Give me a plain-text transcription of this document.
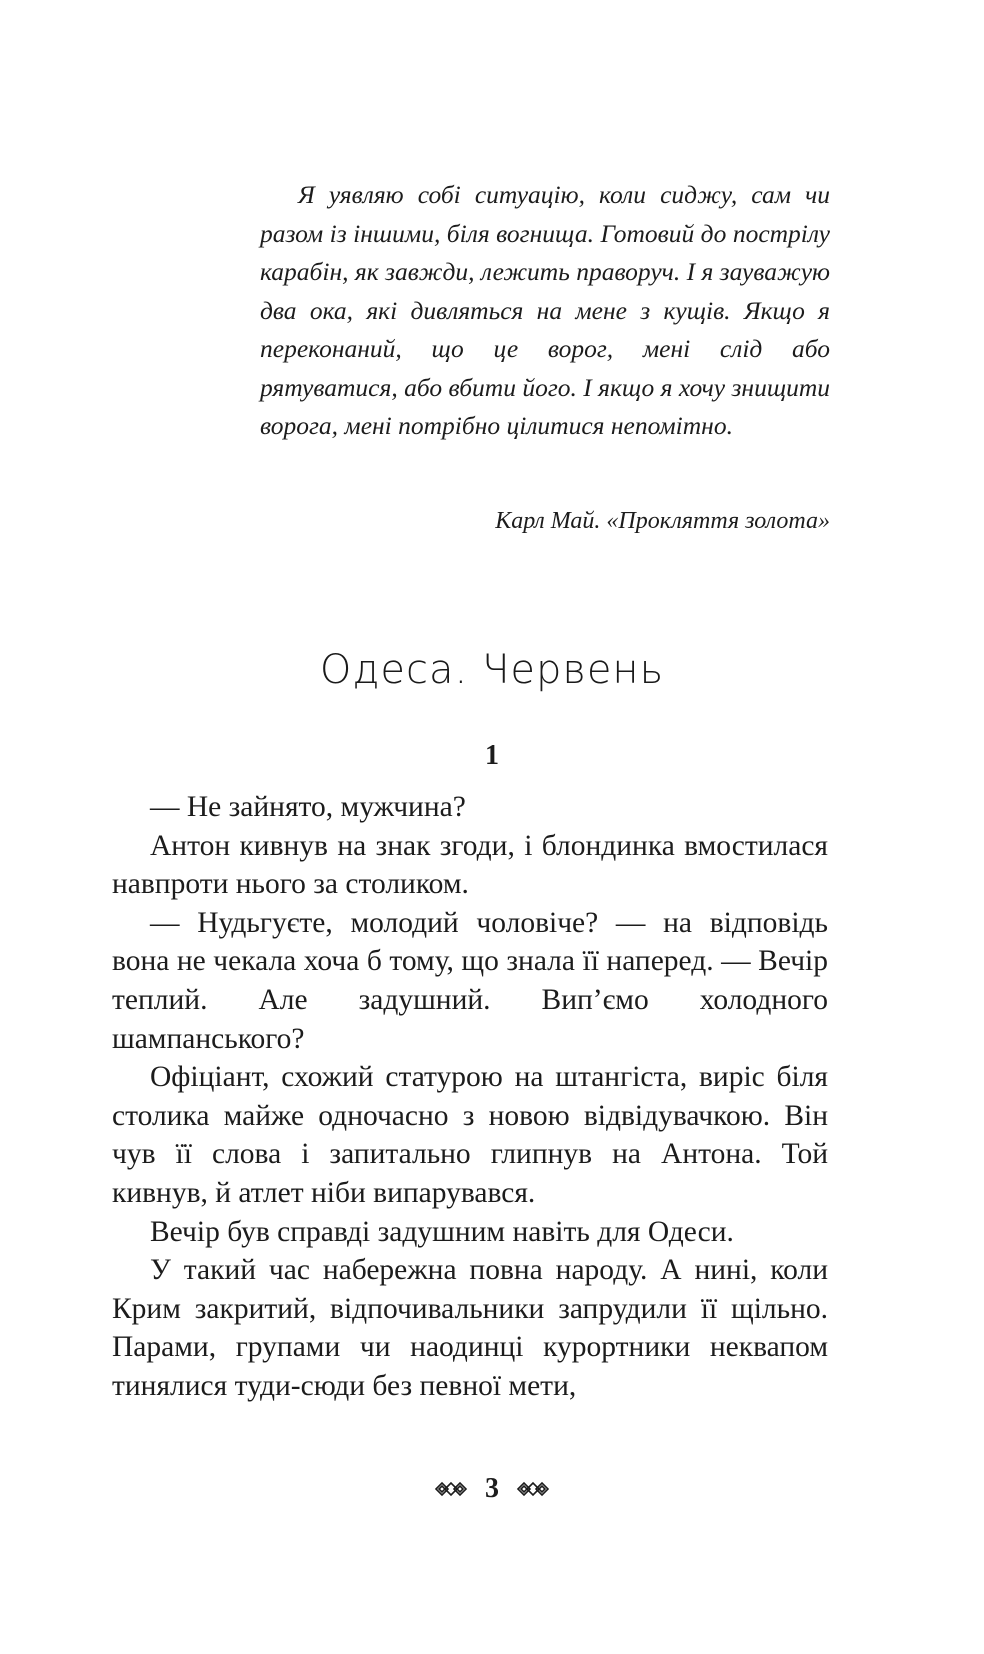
Я уявляю собі ситуацію, коли сиджу, сам чи разом із іншими, біля вогнища. Готовий до пострілу карабін, як завжди, лежить праворуч. І я зауважую два ока, які дивляться на мене з кущів. Якщо я переконаний, що це ворог, мені слід або рятуватися, або вбити його. І якщо я хочу знищити ворога, мені потрібно цілитися непомітно.

Карл Май. «Прокляття золота»
Одеса. Червень
1

— Не зайнято, мужчина?

Антон кивнув на знак згоди, і блондинка вмостилася навпроти нього за столиком.

— Нудьгуєте, молодий чоловіче? — на відповідь вона не чекала хоча б тому, що знала її наперед. — Вечір теплий. Але задушний. Вип’ємо холодного шампанського?

Офіціант, схожий статурою на штангіста, виріс біля столика майже одночасно з новою відвідувачкою. Він чув її слова і запитально глипнув на Антона. Той кивнув, й атлет ніби випарувався.

Вечір був справді задушним навіть для Одеси.

У такий час набережна повна народу. А нині, коли Крим закритий, відпочивальники запрудили її щільно. Парами, групами чи наодинці курортники неквапом тинялися туди-сюди без певної мети,

3
